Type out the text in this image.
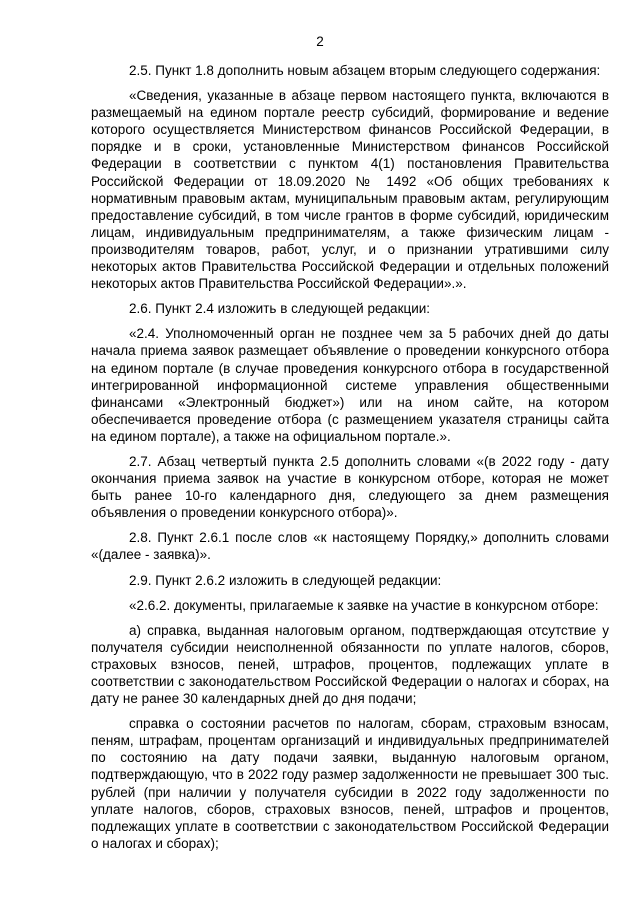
2

2.5. Пункт 1.8 дополнить новым абзацем вторым следующего содержания:

«Сведения, указанные в абзаце первом настоящего пункта, включаются в размещаемый на едином портале реестр субсидий, формирование и ведение которого осуществляется Министерством финансов Российской Федерации, в порядке и в сроки, установленные Министерством финансов Российской Федерации в соответствии с пунктом 4(1) постановления Правительства Российской Федерации от 18.09.2020 № 1492 «Об общих требованиях к нормативным правовым актам, муниципальным правовым актам, регулирующим предоставление субсидий, в том числе грантов в форме субсидий, юридическим лицам, индивидуальным предпринимателям, а также физическим лицам - производителям товаров, работ, услуг, и о признании утратившими силу некоторых актов Правительства Российской Федерации и отдельных положений некоторых актов Правительства Российской Федерации».».

2.6. Пункт 2.4 изложить в следующей редакции:

«2.4. Уполномоченный орган не позднее чем за 5 рабочих дней до даты начала приема заявок размещает объявление о проведении конкурсного отбора на едином портале (в случае проведения конкурсного отбора в государственной интегрированной информационной системе управления общественными финансами «Электронный бюджет») или на ином сайте, на котором обеспечивается проведение отбора (с размещением указателя страницы сайта на едином портале), а также на официальном портале.».

2.7. Абзац четвертый пункта 2.5 дополнить словами «(в 2022 году - дату окончания приема заявок на участие в конкурсном отборе, которая не может быть ранее 10-го календарного дня, следующего за днем размещения объявления о проведении конкурсного отбора)».

2.8. Пункт 2.6.1 после слов «к настоящему Порядку,» дополнить словами «(далее - заявка)».

2.9. Пункт 2.6.2 изложить в следующей редакции:

«2.6.2. документы, прилагаемые к заявке на участие в конкурсном отборе:

а) справка, выданная налоговым органом, подтверждающая отсутствие у получателя субсидии неисполненной обязанности по уплате налогов, сборов, страховых взносов, пеней, штрафов, процентов, подлежащих уплате в соответствии с законодательством Российской Федерации о налогах и сборах, на дату не ранее 30 календарных дней до дня подачи;

справка о состоянии расчетов по налогам, сборам, страховым взносам, пеням, штрафам, процентам организаций и индивидуальных предпринимателей по состоянию на дату подачи заявки, выданную налоговым органом, подтверждающую, что в 2022 году размер задолженности не превышает 300 тыс. рублей (при наличии у получателя субсидии в 2022 году задолженности по уплате налогов, сборов, страховых взносов, пеней, штрафов и процентов, подлежащих уплате в соответствии с законодательством Российской Федерации о налогах и сборах);
